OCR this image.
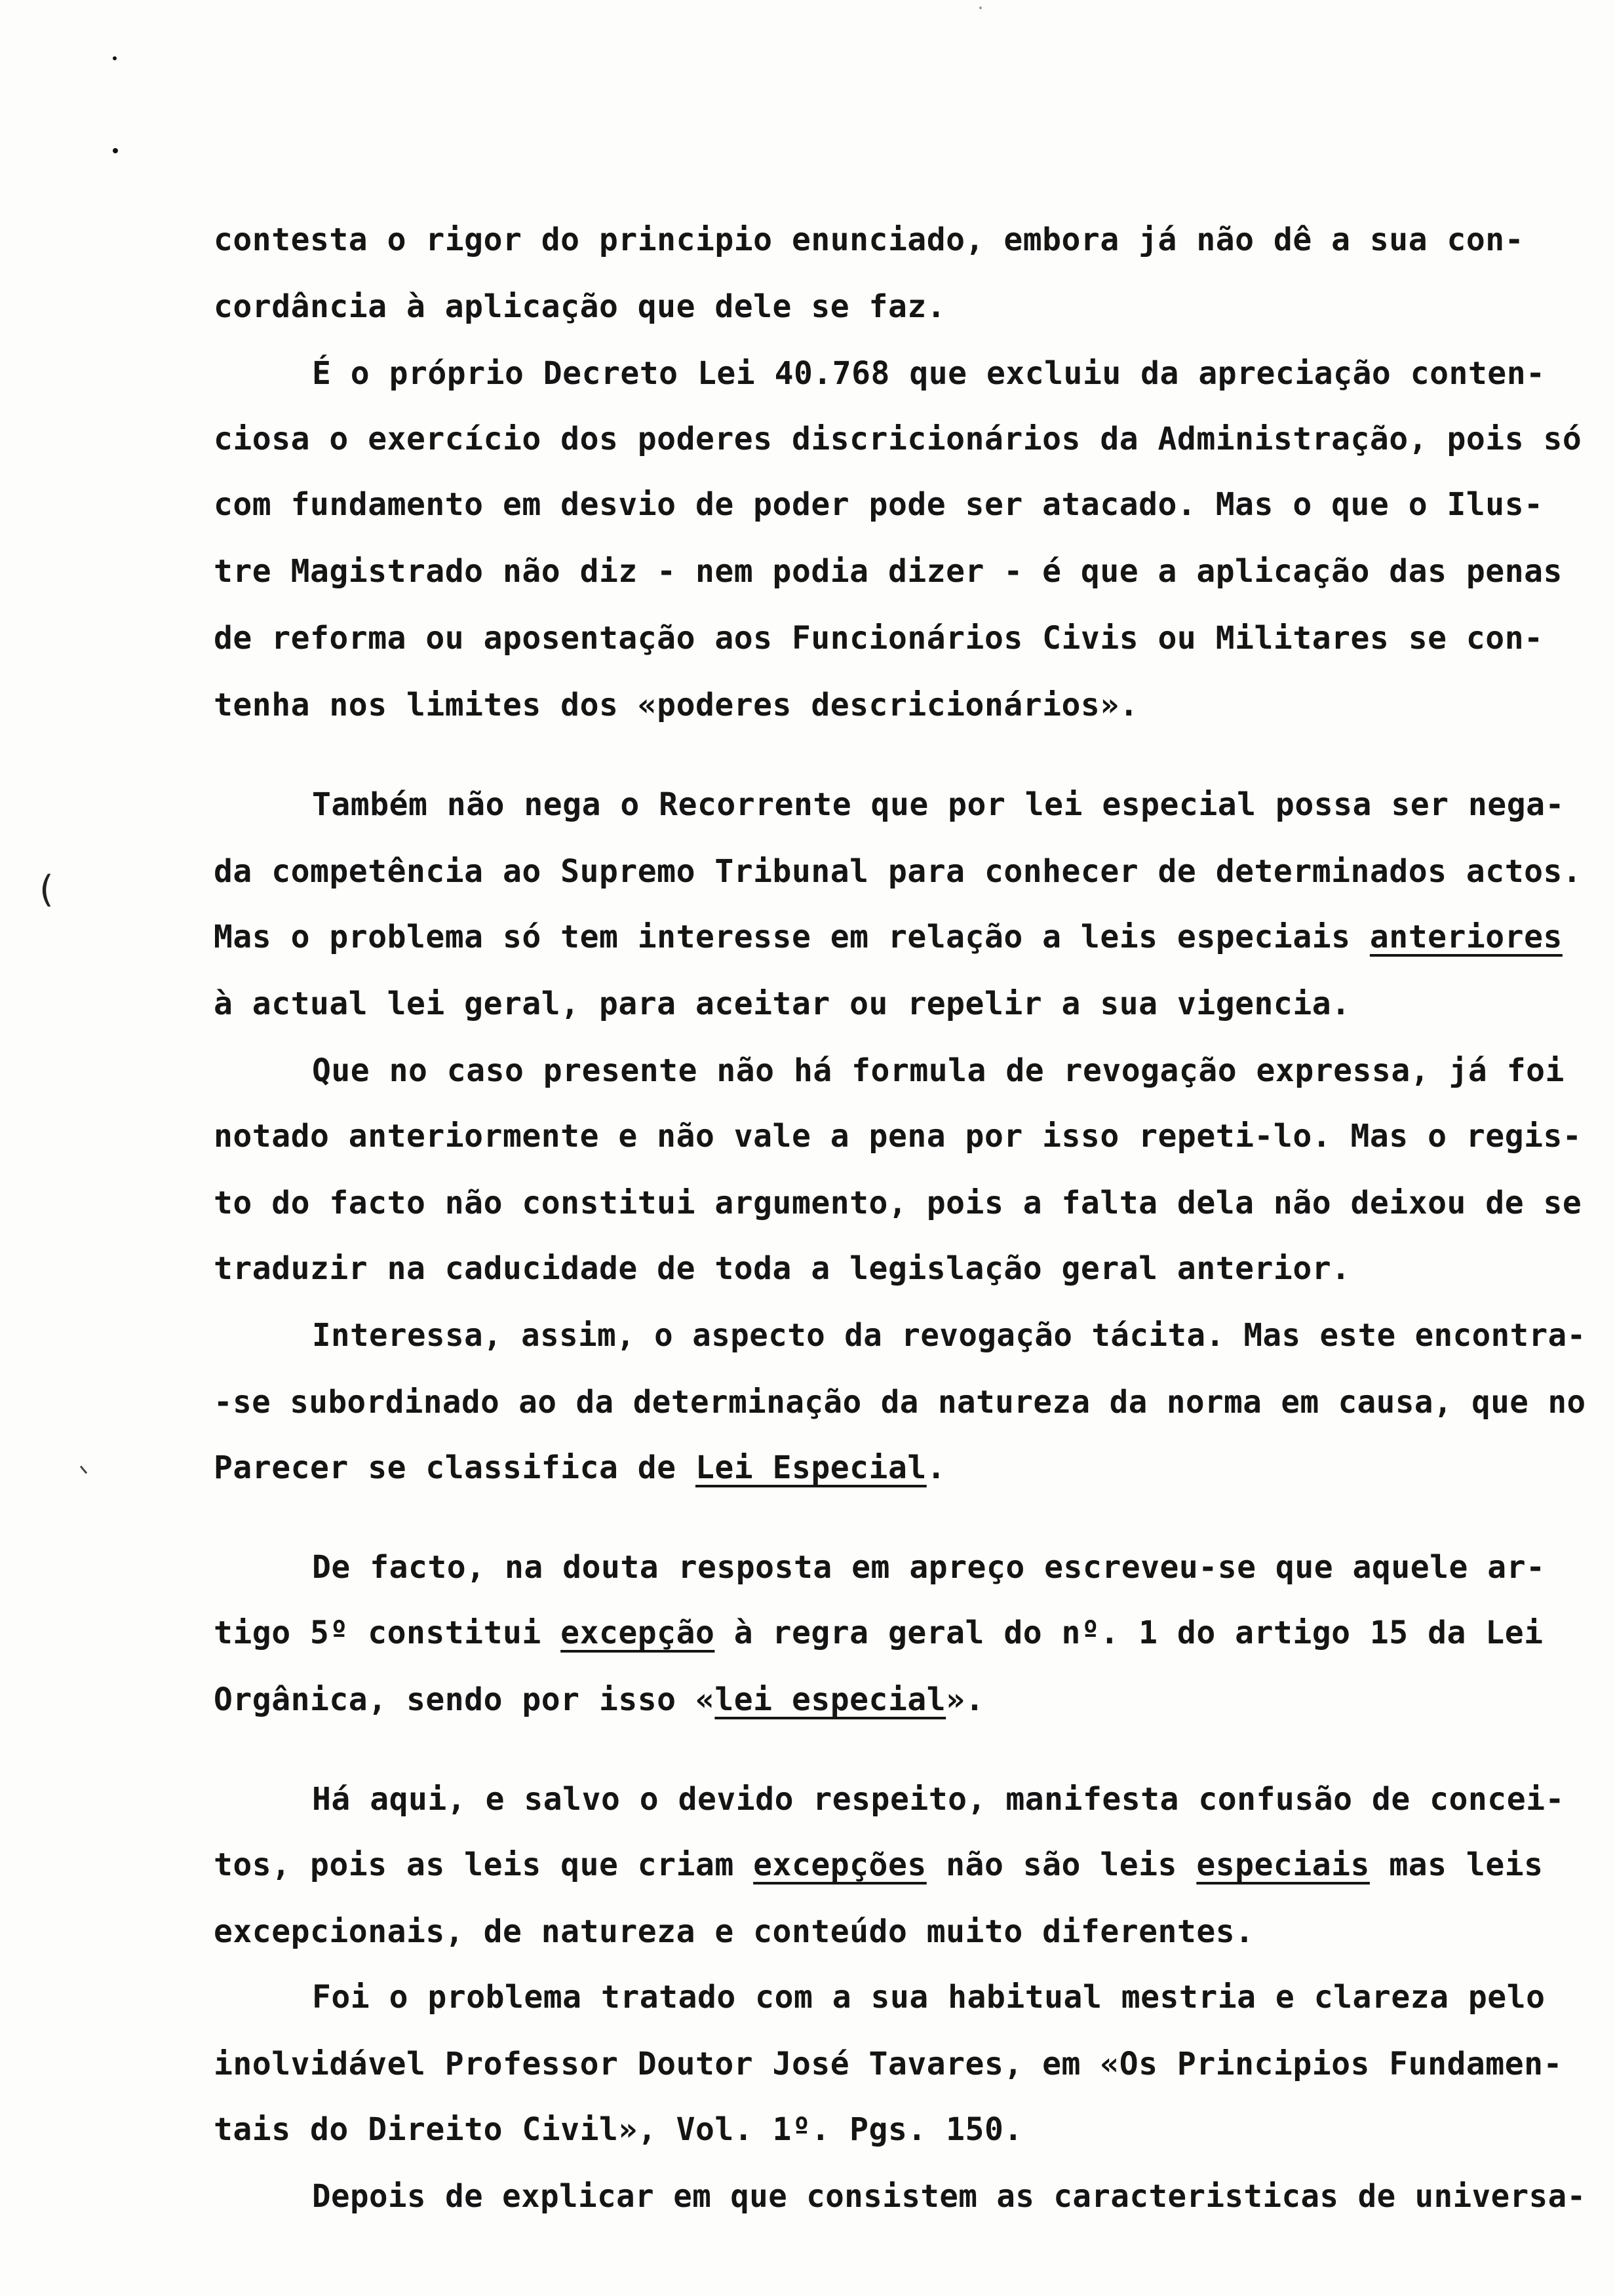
(
contesta o rigor do principio enunciado, embora já não dê a sua con-
cordância à aplicação que dele se faz.
É o próprio Decreto Lei 40.768 que excluiu da apreciação conten-
ciosa o exercício dos poderes discricionários da Administração, pois só
com fundamento em desvio de poder pode ser atacado. Mas o que o Ilus-
tre Magistrado não diz - nem podia dizer - é que a aplicação das penas
de reforma ou aposentação aos Funcionários Civis ou Militares se con-
tenha nos limites dos «poderes descricionários».
Também não nega o Recorrente que por lei especial possa ser nega-
da competência ao Supremo Tribunal para conhecer de determinados actos.
Mas o problema só tem interesse em relação a leis especiais anteriores
à actual lei geral, para aceitar ou repelir a sua vigencia.
Que no caso presente não há formula de revogação expressa, já foi
notado anteriormente e não vale a pena por isso repeti-lo. Mas o regis-
to do facto não constitui argumento, pois a falta dela não deixou de se
traduzir na caducidade de toda a legislação geral anterior.
Interessa, assim, o aspecto da revogação tácita. Mas este encontra-
-se subordinado ao da determinação da natureza da norma em causa, que no
Parecer se classifica de Lei Especial.
De facto, na douta resposta em apreço escreveu-se que aquele ar-
tigo 5º constitui excepção à regra geral do nº. 1 do artigo 15 da Lei
Orgânica, sendo por isso «lei especial».
Há aqui, e salvo o devido respeito, manifesta confusão de concei-
tos, pois as leis que criam excepções não são leis especiais mas leis
excepcionais, de natureza e conteúdo muito diferentes.
Foi o problema tratado com a sua habitual mestria e clareza pelo
inolvidável Professor Doutor José Tavares, em «Os Principios Fundamen-
tais do Direito Civil», Vol. 1º. Pgs. 150.
Depois de explicar em que consistem as caracteristicas de universa-
